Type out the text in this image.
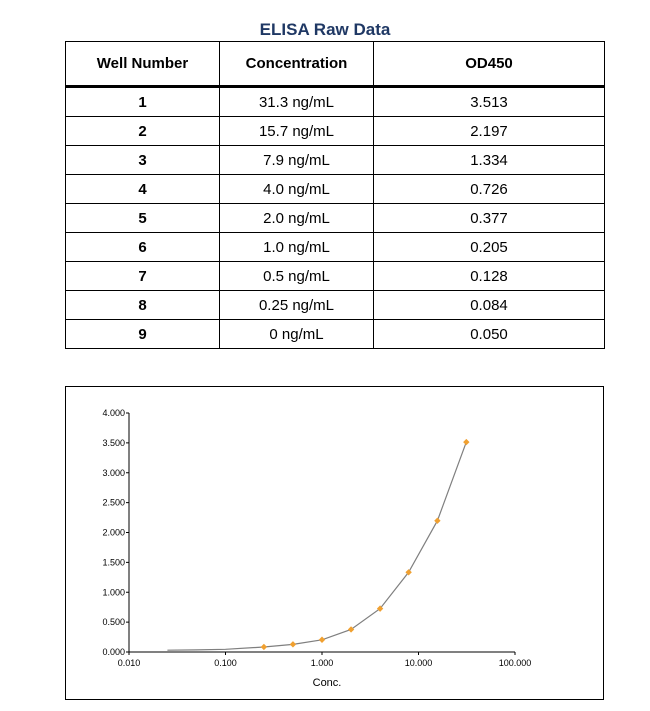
ELISA Raw Data
Well Number	Concentration	OD450
1	31.3 ng/mL	3.513
2	15.7 ng/mL	2.197
3	7.9 ng/mL	1.334
4	4.0 ng/mL	0.726
5	2.0 ng/mL	0.377
6	1.0 ng/mL	0.205
7	0.5 ng/mL	0.128
8	0.25 ng/mL	0.084
9	0 ng/mL	0.050
0.000
0.500
1.000
1.500
2.000
2.500
3.000
3.500
4.000
0.010	0.100	1.000	10.000	100.000
Conc.
